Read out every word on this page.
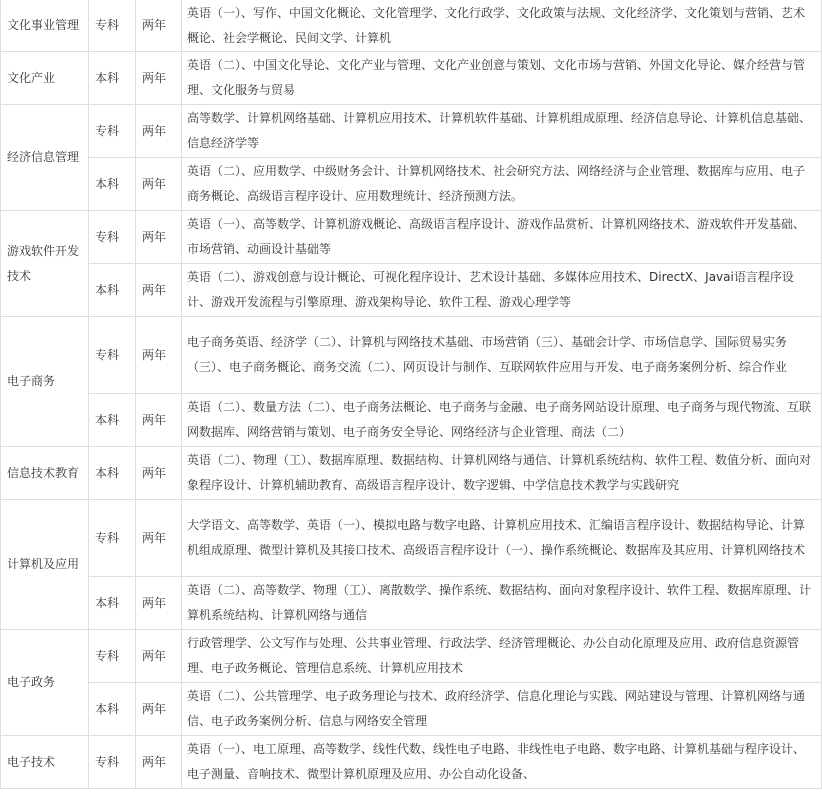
文化事业管理	专科	两年	英语（一）、写作、中国文化概论、文化管理学、文化行政学、文化政策与法规、文化经济学、文化策划与营销、艺术概论、社会学概论、民间文学、计算机
文化产业	本科	两年	英语（二）、中国文化导论、文化产业与管理、文化产业创意与策划、文化市场与营销、外国文化导论、媒介经营与管理、文化服务与贸易
经济信息管理	专科	两年	高等数学、计算机网络基础、计算机应用技术、计算机软件基础、计算机组成原理、经济信息导论、计算机信息基础、信息经济学等
	本科	两年	英语（二）、应用数学、中级财务会计、计算机网络技术、社会研究方法、网络经济与企业管理、数据库与应用、电子商务概论、高级语言程序设计、应用数理统计、经济预测方法。
游戏软件开发技术	专科	两年	英语（一）、高等数学、计算机游戏概论、高级语言程序设计、游戏作品赏析、计算机网络技术、游戏软件开发基础、市场营销、动画设计基础等
	本科	两年	英语（二）、游戏创意与设计概论、可视化程序设计、艺术设计基础、多媒体应用技术、DirectX、Javai语言程序设计、游戏开发流程与引擎原理、游戏架构导论、软件工程、游戏心理学等
电子商务	专科	两年	电子商务英语、经济学（二）、计算机与网络技术基础、市场营销（三）、基础会计学、市场信息学、国际贸易实务（三）、电子商务概论、商务交流（二）、网页设计与制作、互联网软件应用与开发、电子商务案例分析、综合作业
	本科	两年	英语（二）、数量方法（二）、电子商务法概论、电子商务与金融、电子商务网站设计原理、电子商务与现代物流、互联网数据库、网络营销与策划、电子商务安全导论、网络经济与企业管理、商法（二）
信息技术教育	本科	两年	英语（二）、物理（工）、数据库原理、数据结构、计算机网络与通信、计算机系统结构、软件工程、数值分析、面向对象程序设计、计算机辅助教育、高级语言程序设计、数字逻辑、中学信息技术教学与实践研究
计算机及应用	专科	两年	大学语文、高等数学、英语（一）、模拟电路与数字电路、计算机应用技术、汇编语言程序设计、数据结构导论、计算机组成原理、微型计算机及其接口技术、高级语言程序设计（一）、操作系统概论、数据库及其应用、计算机网络技术
	本科	两年	英语（二）、高等数学、物理（工）、离散数学、操作系统、数据结构、面向对象程序设计、软件工程、数据库原理、计算机系统结构、计算机网络与通信
电子政务	专科	两年	行政管理学、公文写作与处理、公共事业管理、行政法学、经济管理概论、办公自动化原理及应用、政府信息资源管理、电子政务概论、管理信息系统、计算机应用技术
	本科	两年	英语（二）、公共管理学、电子政务理论与技术、政府经济学、信息化理论与实践、网站建设与管理、计算机网络与通信、电子政务案例分析、信息与网络安全管理
电子技术	专科	两年	英语（一）、电工原理、高等数学、线性代数、线性电子电路、非线性电子电路、数字电路、计算机基础与程序设计、电子测量、音响技术、微型计算机原理及应用、办公自动化设备、
